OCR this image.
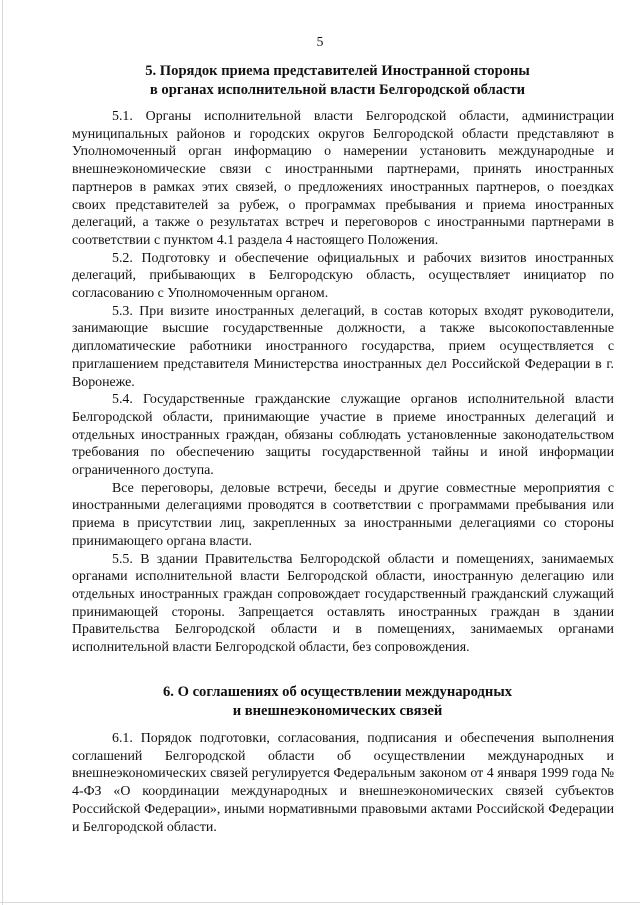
5
5. Порядок приема представителей Иностранной стороны
в органах исполнительной власти Белгородской области

5.1. Органы исполнительной власти Белгородской области, администрации муниципальных районов и городских округов Белгородской области представляют в Уполномоченный орган информацию о намерении установить международные и внешнеэкономические связи с иностранными партнерами, принять иностранных партнеров в рамках этих связей, о предложениях иностранных партнеров, о поездках своих представителей за рубеж, о программах пребывания и приема иностранных делегаций, а также о результатах встреч и переговоров с иностранными партнерами в соответствии с пунктом 4.1 раздела 4 настоящего Положения.

5.2. Подготовку и обеспечение официальных и рабочих визитов иностранных делегаций, прибывающих в Белгородскую область, осуществляет инициатор по согласованию с Уполномоченным органом.

5.3. При визите иностранных делегаций, в состав которых входят руководители, занимающие высшие государственные должности, а также высокопоставленные дипломатические работники иностранного государства, прием осуществляется с приглашением представителя Министерства иностранных дел Российской Федерации в г. Воронеже.

5.4. Государственные гражданские служащие органов исполнительной власти Белгородской области, принимающие участие в приеме иностранных делегаций и отдельных иностранных граждан, обязаны соблюдать установленные законодательством требования по обеспечению защиты государственной тайны и иной информации ограниченного доступа.

Все переговоры, деловые встречи, беседы и другие совместные мероприятия с иностранными делегациями проводятся в соответствии с программами пребывания или приема в присутствии лиц, закрепленных за иностранными делегациями со стороны принимающего органа власти.

5.5. В здании Правительства Белгородской области и помещениях, занимаемых органами исполнительной власти Белгородской области, иностранную делегацию или отдельных иностранных граждан сопровождает государственный гражданский служащий принимающей стороны. Запрещается оставлять иностранных граждан в здании Правительства Белгородской области и в помещениях, занимаемых органами исполнительной власти Белгородской области, без сопровождения.

6. О соглашениях об осуществлении международных
и внешнеэкономических связей

6.1. Порядок подготовки, согласования, подписания и обеспечения выполнения соглашений Белгородской области об осуществлении международных и внешнеэкономических связей регулируется Федеральным законом от 4 января 1999 года № 4-ФЗ «О координации международных и внешнеэкономических связей субъектов Российской Федерации», иными нормативными правовыми актами Российской Федерации и Белгородской области.
